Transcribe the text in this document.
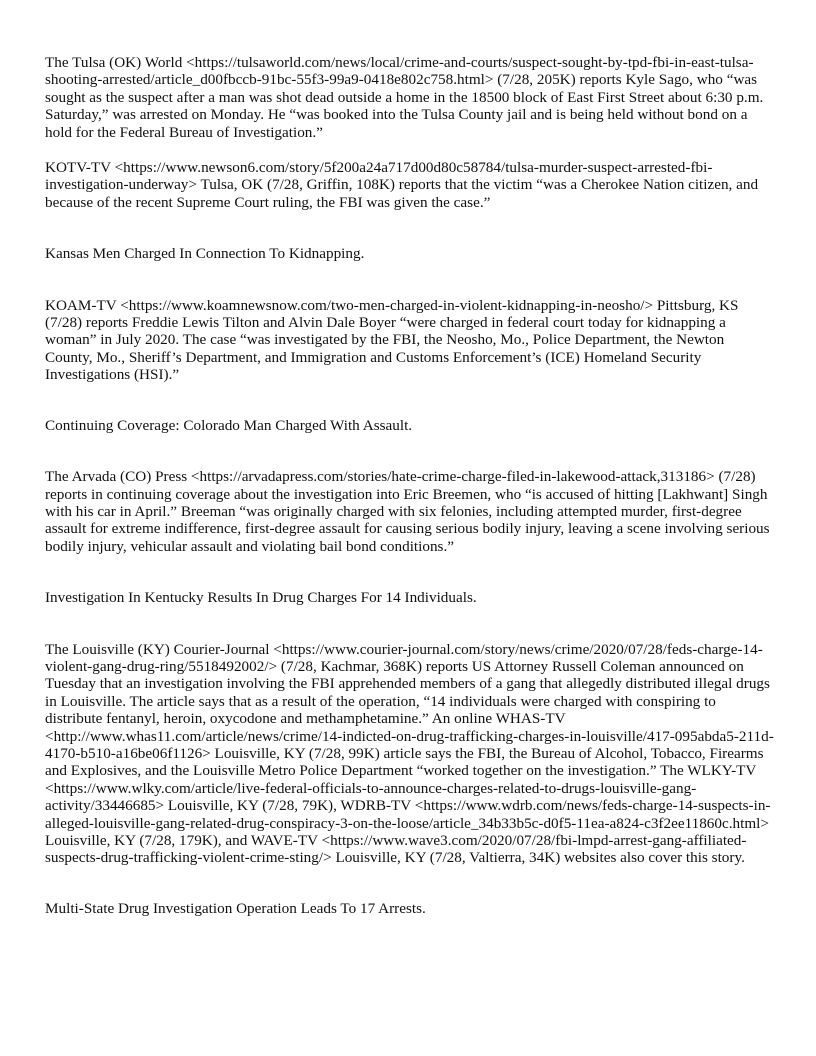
The Tulsa (OK) World <https://tulsaworld.com/news/local/crime-and-courts/suspect-sought-by-tpd-fbi-in-east-tulsa-shooting-arrested/article_d00fbccb-91bc-55f3-99a9-0418e802c758.html> (7/28, 205K) reports Kyle Sago, who “was sought as the suspect after a man was shot dead outside a home in the 18500 block of East First Street about 6:30 p.m. Saturday,” was arrested on Monday. He “was booked into the Tulsa County jail and is being held without bond on a hold for the Federal Bureau of Investigation.”

KOTV-TV <https://www.newson6.com/story/5f200a24a717d00d80c58784/tulsa-murder-suspect-arrested-fbi-investigation-underway> Tulsa, OK (7/28, Griffin, 108K) reports that the victim “was a Cherokee Nation citizen, and because of the recent Supreme Court ruling, the FBI was given the case.”

Kansas Men Charged In Connection To Kidnapping.

KOAM-TV <https://www.koamnewsnow.com/two-men-charged-in-violent-kidnapping-in-neosho/> Pittsburg, KS (7/28) reports Freddie Lewis Tilton and Alvin Dale Boyer “were charged in federal court today for kidnapping a woman” in July 2020. The case “was investigated by the FBI, the Neosho, Mo., Police Department, the Newton County, Mo., Sheriff’s Department, and Immigration and Customs Enforcement’s (ICE) Homeland Security Investigations (HSI).”

Continuing Coverage: Colorado Man Charged With Assault.

The Arvada (CO) Press <https://arvadapress.com/stories/hate-crime-charge-filed-in-lakewood-attack,313186> (7/28) reports in continuing coverage about the investigation into Eric Breemen, who “is accused of hitting [Lakhwant] Singh with his car in April.” Breeman “was originally charged with six felonies, including attempted murder, first-degree assault for extreme indifference, first-degree assault for causing serious bodily injury, leaving a scene involving serious bodily injury, vehicular assault and violating bail bond conditions.”

Investigation In Kentucky Results In Drug Charges For 14 Individuals.

The Louisville (KY) Courier-Journal <https://www.courier-journal.com/story/news/crime/2020/07/28/feds-charge-14-violent-gang-drug-ring/5518492002/> (7/28, Kachmar, 368K) reports US Attorney Russell Coleman announced on Tuesday that an investigation involving the FBI apprehended members of a gang that allegedly distributed illegal drugs in Louisville. The article says that as a result of the operation, “14 individuals were charged with conspiring to distribute fentanyl, heroin, oxycodone and methamphetamine.” An online WHAS-TV <http://www.whas11.com/article/news/crime/14-indicted-on-drug-trafficking-charges-in-louisville/417-095abda5-211d-4170-b510-a16be06f1126> Louisville, KY (7/28, 99K) article says the FBI, the Bureau of Alcohol, Tobacco, Firearms and Explosives, and the Louisville Metro Police Department “worked together on the investigation.” The WLKY-TV <https://www.wlky.com/article/live-federal-officials-to-announce-charges-related-to-drugs-louisville-gang-activity/33446685> Louisville, KY (7/28, 79K), WDRB-TV <https://www.wdrb.com/news/feds-charge-14-suspects-in-alleged-louisville-gang-related-drug-conspiracy-3-on-the-loose/article_34b33b5c-d0f5-11ea-a824-c3f2ee11860c.html> Louisville, KY (7/28, 179K), and WAVE-TV <https://www.wave3.com/2020/07/28/fbi-lmpd-arrest-gang-affiliated-suspects-drug-trafficking-violent-crime-sting/> Louisville, KY (7/28, Valtierra, 34K) websites also cover this story.

Multi-State Drug Investigation Operation Leads To 17 Arrests.
